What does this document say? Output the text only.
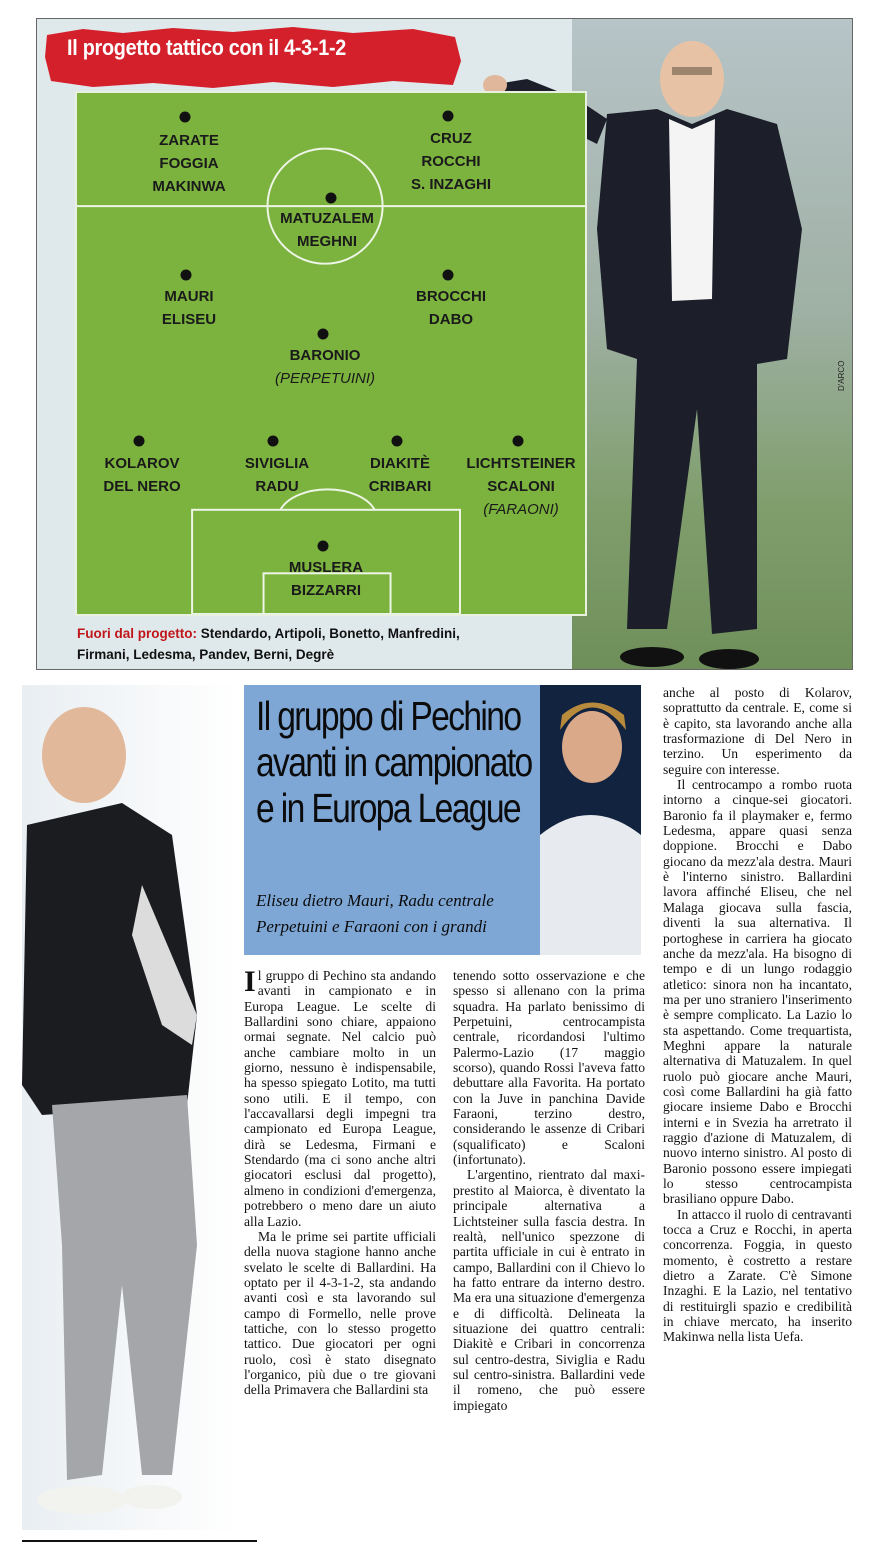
Il progetto tattico con il 4-3-1-2
ZARATE
FOGGIA
MAKINWA
CRUZ
ROCCHI
S. INZAGHI
MATUZALEM
MEGHNI
MAURI
ELISEU
BROCCHI
DABO
BARONIO
(PERPETUINI)
KOLAROV
DEL NERO
SIVIGLIA
RADU
DIAKITÈ
CRIBARI
LICHTSTEINER
SCALONI
(FARAONI)
MUSLERA
BIZZARRI
Fuori dal progetto: Stendardo, Artipoli, Bonetto, Manfredini,
Firmani, Ledesma, Pandev, Berni, Degrè
D'ARCO
Il gruppo di Pechino
avanti in campionato
e in Europa League
Eliseu dietro Mauri, Radu centrale
Perpetuini e Faraoni con i grandi

Il gruppo di Pechino sta andando avanti in campionato e in Europa League. Le scelte di Ballardini sono chiare, appaiono ormai segnate. Nel calcio può anche cambiare molto in un giorno, nessuno è indispensabile, ha spesso spiegato Lotito, ma tutti sono utili. E il tempo, con l'accavallarsi degli impegni tra campionato ed Europa League, dirà se Ledesma, Firmani e Stendardo (ma ci sono anche altri giocatori esclusi dal progetto), almeno in condizioni d'emergenza, potrebbero o meno dare un aiuto alla Lazio.

Ma le prime sei partite ufficiali della nuova stagione hanno anche svelato le scelte di Ballardini. Ha optato per il 4-3-1-2, sta andando avanti così e sta lavorando sul campo di Formello, nelle prove tattiche, con lo stesso progetto tattico. Due giocatori per ogni ruolo, così è stato disegnato l'organico, più due o tre giovani della Primavera che Ballardini sta

tenendo sotto osservazione e che spesso si allenano con la prima squadra. Ha parlato benissimo di Perpetuini, centrocampista centrale, ricordandosi l'ultimo Palermo-Lazio (17 maggio scorso), quando Rossi l'aveva fatto debuttare alla Favorita. Ha portato con la Juve in panchina Davide Faraoni, terzino destro, considerando le assenze di Cribari (squalificato) e Scaloni (infortunato).

L'argentino, rientrato dal maxi-prestito al Maiorca, è diventato la principale alternativa a Lichtsteiner sulla fascia destra. In realtà, nell'unico spezzone di partita ufficiale in cui è entrato in campo, Ballardini con il Chievo lo ha fatto entrare da interno destro. Ma era una situazione d'emergenza e di difficoltà. Delineata la situazione dei quattro centrali: Diakitè e Cribari in concorrenza sul centro-destra, Siviglia e Radu sul centro-sinistra. Ballardini vede il romeno, che può essere impiegato

anche al posto di Kolarov, soprattutto da centrale. E, come si è capito, sta lavorando anche alla trasformazione di Del Nero in terzino. Un esperimento da seguire con interesse.

Il centrocampo a rombo ruota intorno a cinque-sei giocatori. Baronio fa il playmaker e, fermo Ledesma, appare quasi senza doppione. Brocchi e Dabo giocano da mezz'ala destra. Mauri è l'interno sinistro. Ballardini lavora affinché Eliseu, che nel Malaga giocava sulla fascia, diventi la sua alternativa. Il portoghese in carriera ha giocato anche da mezz'ala. Ha bisogno di tempo e di un lungo rodaggio atletico: sinora non ha incantato, ma per uno straniero l'inserimento è sempre complicato. La Lazio lo sta aspettando. Come trequartista, Meghni appare la naturale alternativa di Matuzalem. In quel ruolo può giocare anche Mauri, così come Ballardini ha già fatto giocare insieme Dabo e Brocchi interni e in Svezia ha arretrato il raggio d'azione di Matuzalem, di nuovo interno sinistro. Al posto di Baronio possono essere impiegati lo stesso centrocampista brasiliano oppure Dabo.

In attacco il ruolo di centravanti tocca a Cruz e Rocchi, in aperta concorrenza. Foggia, in questo momento, è costretto a restare dietro a Zarate. C'è Simone Inzaghi. E la Lazio, nel tentativo di restituirgli spazio e credibilità in chiave mercato, ha inserito Makinwa nella lista Uefa.
